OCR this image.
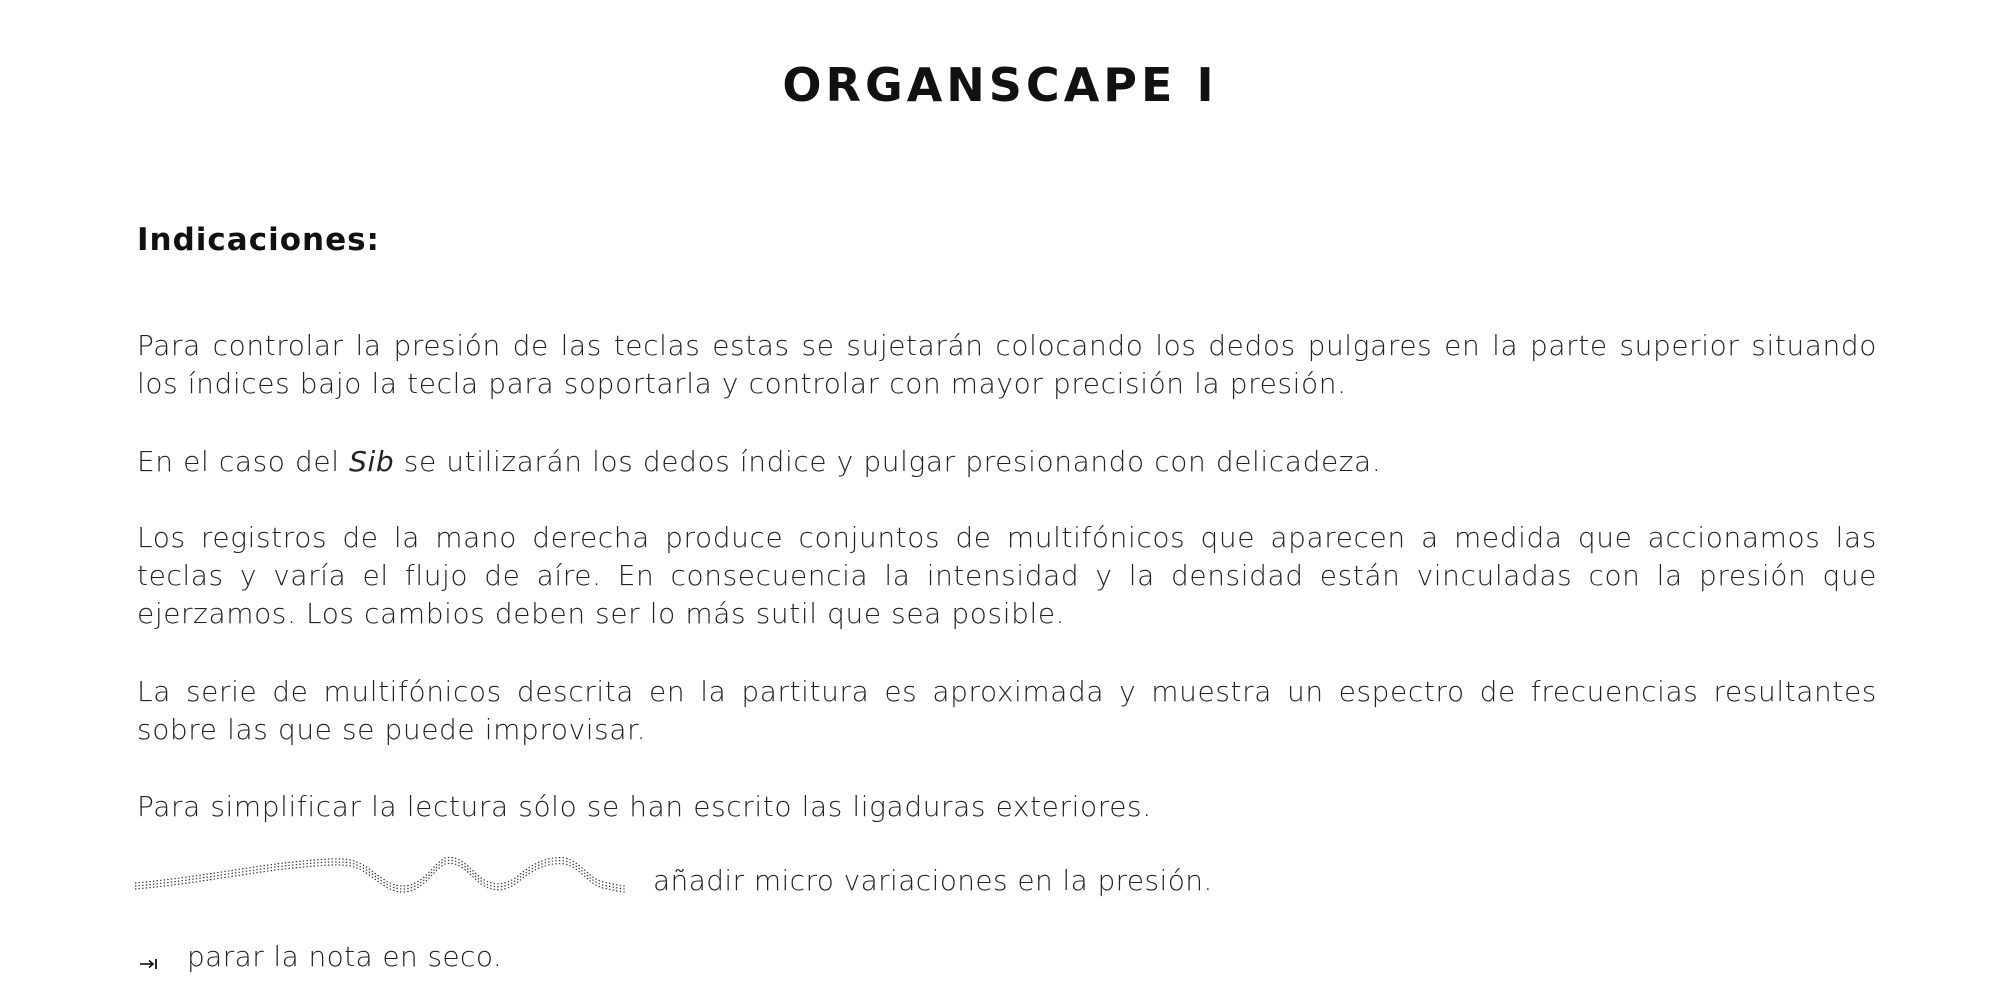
ORGANSCAPE I
Indicaciones:
Para controlar la presión de las teclas estas se sujetarán colocando los dedos pulgares en la parte superior situando los índices bajo la tecla para soportarla y controlar con mayor precisión la presión.
En el caso del Sib se utilizarán los dedos índice y pulgar presionando con delicadeza.
Los registros de la mano derecha produce conjuntos de multifónicos que aparecen a medida que accionamos las teclas y varía el flujo de aíre. En consecuencia la intensidad y la densidad están vinculadas con la presión que ejerzamos. Los cambios deben ser lo más sutil que sea posible.
La serie de multifónicos descrita en la partitura es aproximada y muestra un espectro de frecuencias resultantes sobre las que se puede improvisar.
Para simplificar la lectura sólo se han escrito las ligaduras exteriores.
añadir micro variaciones en la presión.
parar la nota en seco.
